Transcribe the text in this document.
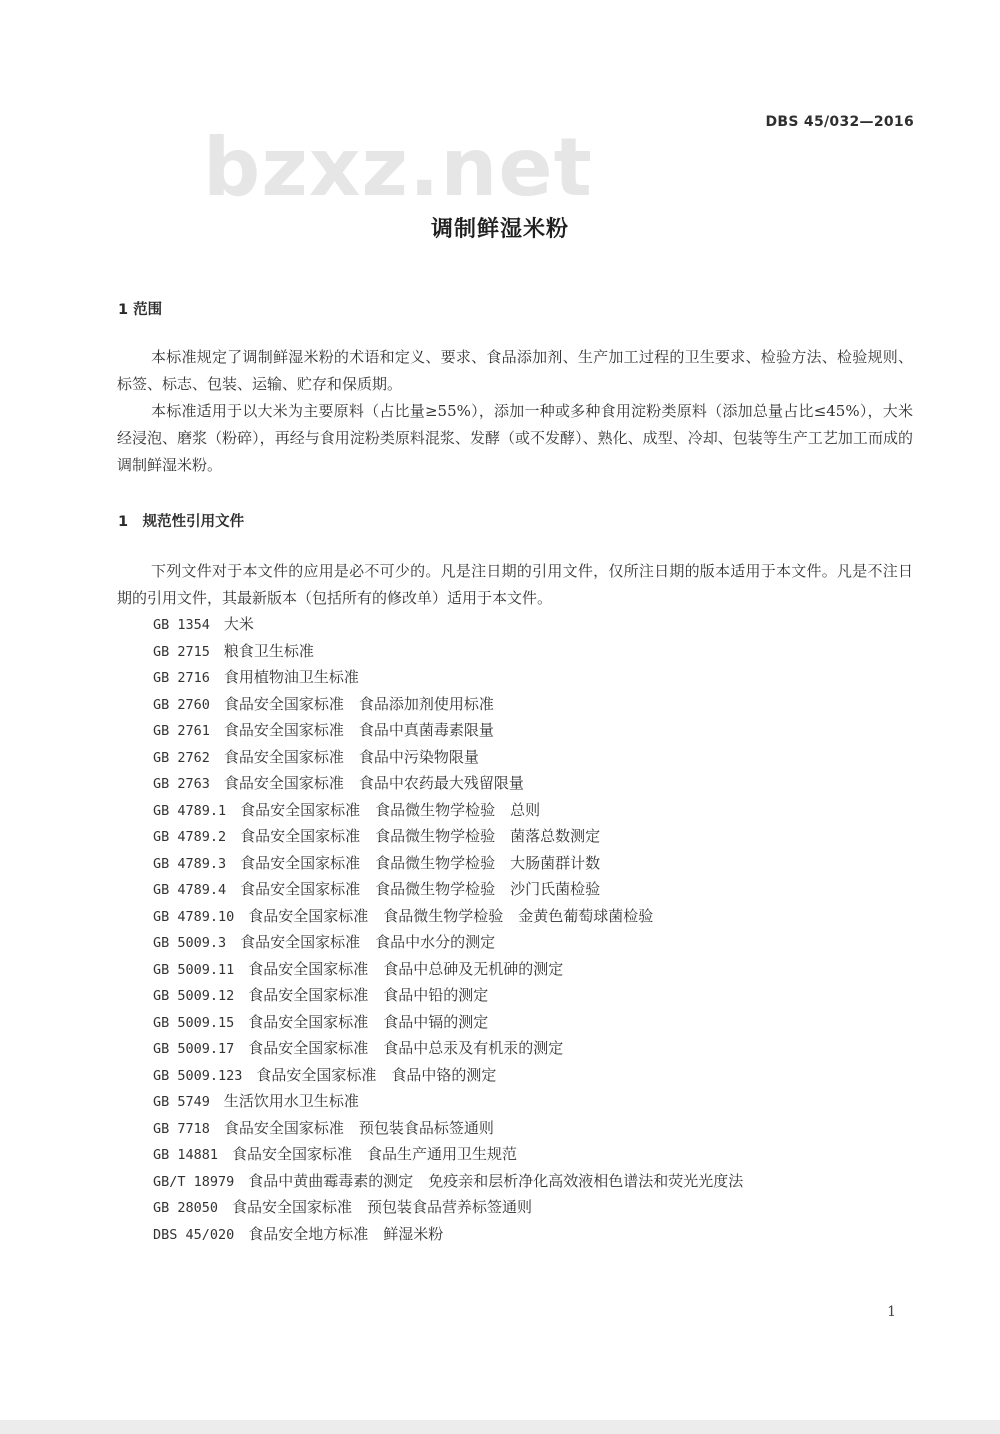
DBS 45/032—2016
bzxz.net
调制鲜湿米粉
1 范围
本标准规定了调制鲜湿米粉的术语和定义、要求、食品添加剂、生产加工过程的卫生要求、检验方法、检验规则、标签、标志、包装、运输、贮存和保质期。
本标准适用于以大米为主要原料（占比量≥55%），添加一种或多种食用淀粉类原料（添加总量占比≤45%），大米经浸泡、磨浆（粉碎），再经与食用淀粉类原料混浆、发酵（或不发酵）、熟化、成型、冷却、包装等生产工艺加工而成的调制鲜湿米粉。
1　规范性引用文件
下列文件对于本文件的应用是必不可少的。凡是注日期的引用文件，仅所注日期的版本适用于本文件。凡是不注日期的引用文件，其最新版本（包括所有的修改单）适用于本文件。
GB 1354 大米
GB 2715 粮食卫生标准
GB 2716 食用植物油卫生标准
GB 2760 食品安全国家标准　食品添加剂使用标准
GB 2761 食品安全国家标准　食品中真菌毒素限量
GB 2762 食品安全国家标准　食品中污染物限量
GB 2763 食品安全国家标准　食品中农药最大残留限量
GB 4789.1 食品安全国家标准　食品微生物学检验　总则
GB 4789.2 食品安全国家标准　食品微生物学检验　菌落总数测定
GB 4789.3 食品安全国家标准　食品微生物学检验　大肠菌群计数
GB 4789.4 食品安全国家标准　食品微生物学检验　沙门氏菌检验
GB 4789.10 食品安全国家标准　食品微生物学检验　金黄色葡萄球菌检验
GB 5009.3 食品安全国家标准　食品中水分的测定
GB 5009.11 食品安全国家标准　食品中总砷及无机砷的测定
GB 5009.12 食品安全国家标准　食品中铅的测定
GB 5009.15 食品安全国家标准　食品中镉的测定
GB 5009.17 食品安全国家标准　食品中总汞及有机汞的测定
GB 5009.123 食品安全国家标准　食品中铬的测定
GB 5749 生活饮用水卫生标准
GB 7718 食品安全国家标准　预包装食品标签通则
GB 14881 食品安全国家标准　食品生产通用卫生规范
GB/T 18979 食品中黄曲霉毒素的测定　免疫亲和层析净化高效液相色谱法和荧光光度法
GB 28050 食品安全国家标准　预包装食品营养标签通则
DBS 45/020 食品安全地方标准　鲜湿米粉
1
